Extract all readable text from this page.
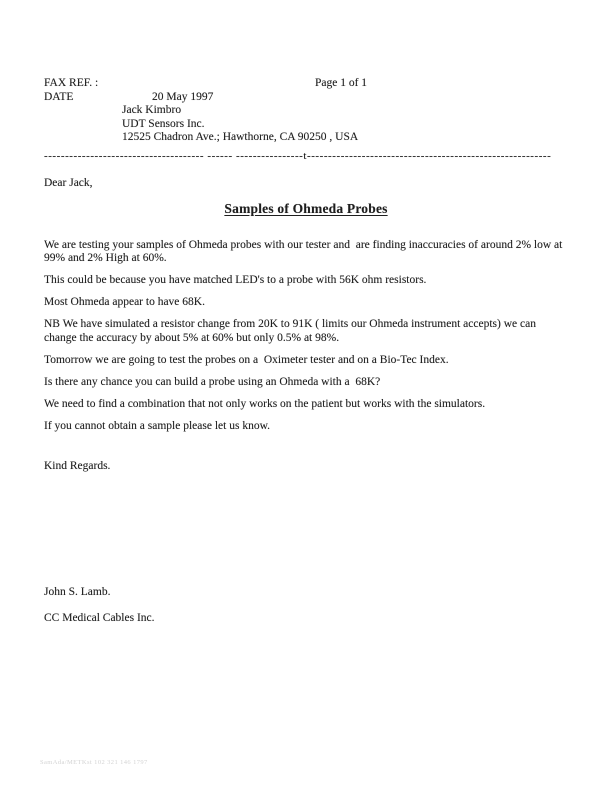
FAX REF. :	Page 1 of 1
DATE	20 May 1997
Jack Kimbro
UDT Sensors Inc.
12525 Chadron Ave.; Hawthorne, CA 90250 , USA
-------------------------------------- ------ ----------------t----------------------------------------------------------
Dear Jack,
Samples of Ohmeda Probes

We are testing your samples of Ohmeda probes with our tester and  are finding inaccuracies of around 2% low at 99% and 2% High at 60%.

This could be because you have matched LED's to a probe with 56K ohm resistors.

Most Ohmeda appear to have 68K.

NB We have simulated a resistor change from 20K to 91K ( limits our Ohmeda instrument accepts) we can change the accuracy by about 5% at 60% but only 0.5% at 98%.

Tomorrow we are going to test the probes on a  Oximeter tester and on a Bio-Tec Index.

Is there any chance you can build a probe using an Ohmeda with a  68K?

We need to find a combination that not only works on the patient but works with the simulators.

If you cannot obtain a sample please let us know.

Kind Regards.
John S. Lamb.
CC Medical Cables Inc.
SamAda/METKst 102 321 146 1797
